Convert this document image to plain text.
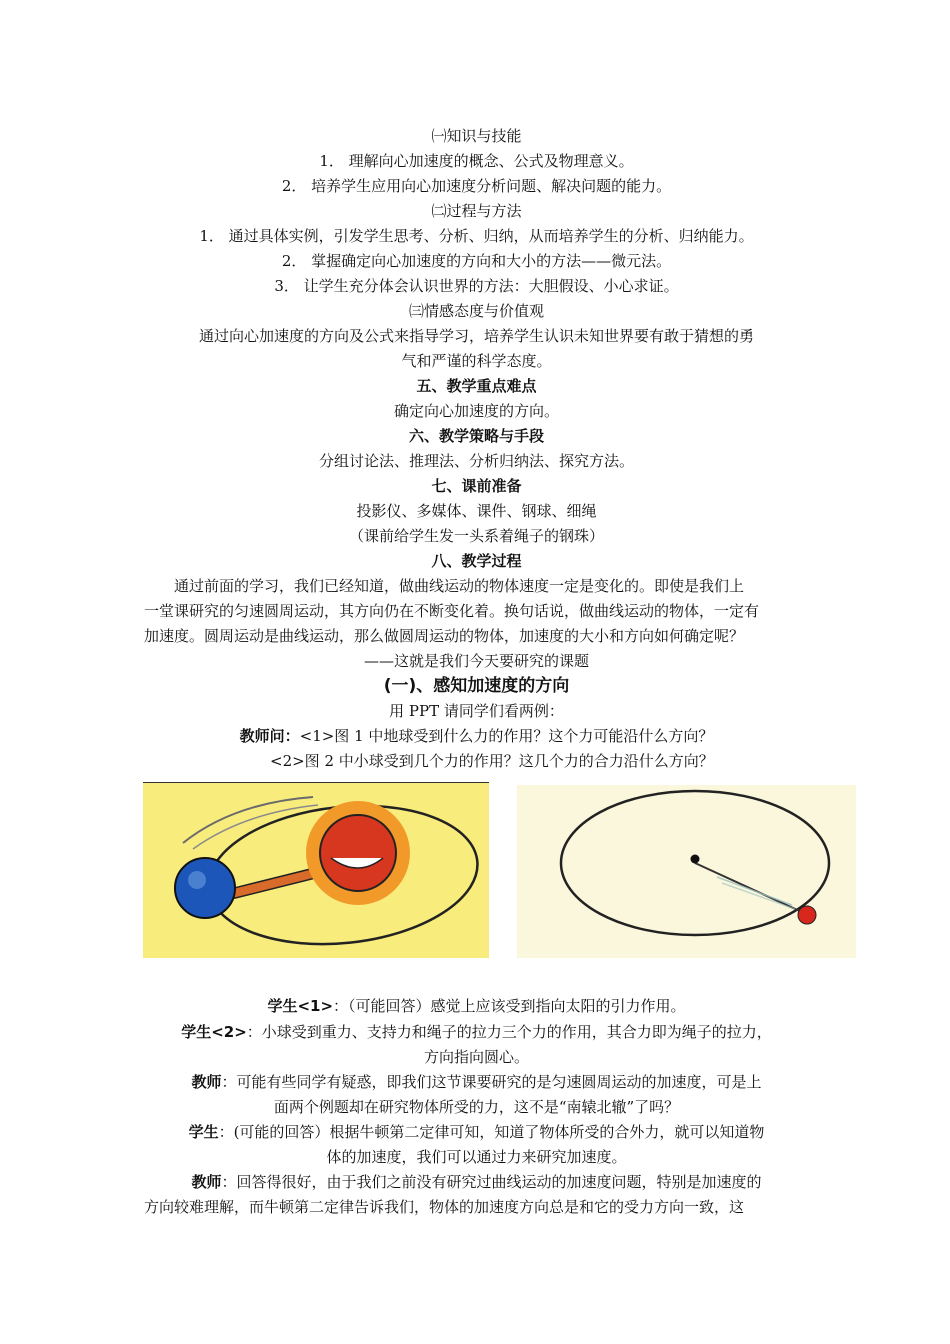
㈠知识与技能
1． 理解向心加速度的概念、公式及物理意义。
2． 培养学生应用向心加速度分析问题、解决问题的能力。
㈡过程与方法
1． 通过具体实例，引发学生思考、分析、归纳，从而培养学生的分析、归纳能力。
2． 掌握确定向心加速度的方向和大小的方法——微元法。
3． 让学生充分体会认识世界的方法：大胆假设、小心求证。
㈢情感态度与价值观
通过向心加速度的方向及公式来指导学习，培养学生认识未知世界要有敢于猜想的勇
气和严谨的科学态度。
五、教学重点难点
确定向心加速度的方向。
六、教学策略与手段
分组讨论法、推理法、分析归纳法、探究方法。
七、课前准备
投影仪、多媒体、课件、钢球、细绳
（课前给学生发一头系着绳子的钢珠）
八、教学过程
通过前面的学习，我们已经知道，做曲线运动的物体速度一定是变化的。即使是我们上
一堂课研究的匀速圆周运动，其方向仍在不断变化着。换句话说，做曲线运动的物体，一定有
加速度。圆周运动是曲线运动，那么做圆周运动的物体，加速度的大小和方向如何确定呢？
——这就是我们今天要研究的课题
(一)、感知加速度的方向
用 PPT 请同学们看两例：
教师问：<1>图 1 中地球受到什么力的作用？这个力可能沿什么方向？
<2>图 2 中小球受到几个力的作用？这几个力的合力沿什么方向？
学生<1>：（可能回答）感觉上应该受到指向太阳的引力作用。
学生<2>：小球受到重力、支持力和绳子的拉力三个力的作用，其合力即为绳子的拉力，
方向指向圆心。
教师：可能有些同学有疑惑，即我们这节课要研究的是匀速圆周运动的加速度，可是上
面两个例题却在研究物体所受的力，这不是“南辕北辙”了吗？
学生：(可能的回答）根据牛顿第二定律可知，知道了物体所受的合外力，就可以知道物
体的加速度，我们可以通过力来研究加速度。
教师：回答得很好，由于我们之前没有研究过曲线运动的加速度问题，特别是加速度的
方向较难理解，而牛顿第二定律告诉我们，物体的加速度方向总是和它的受力方向一致，这
